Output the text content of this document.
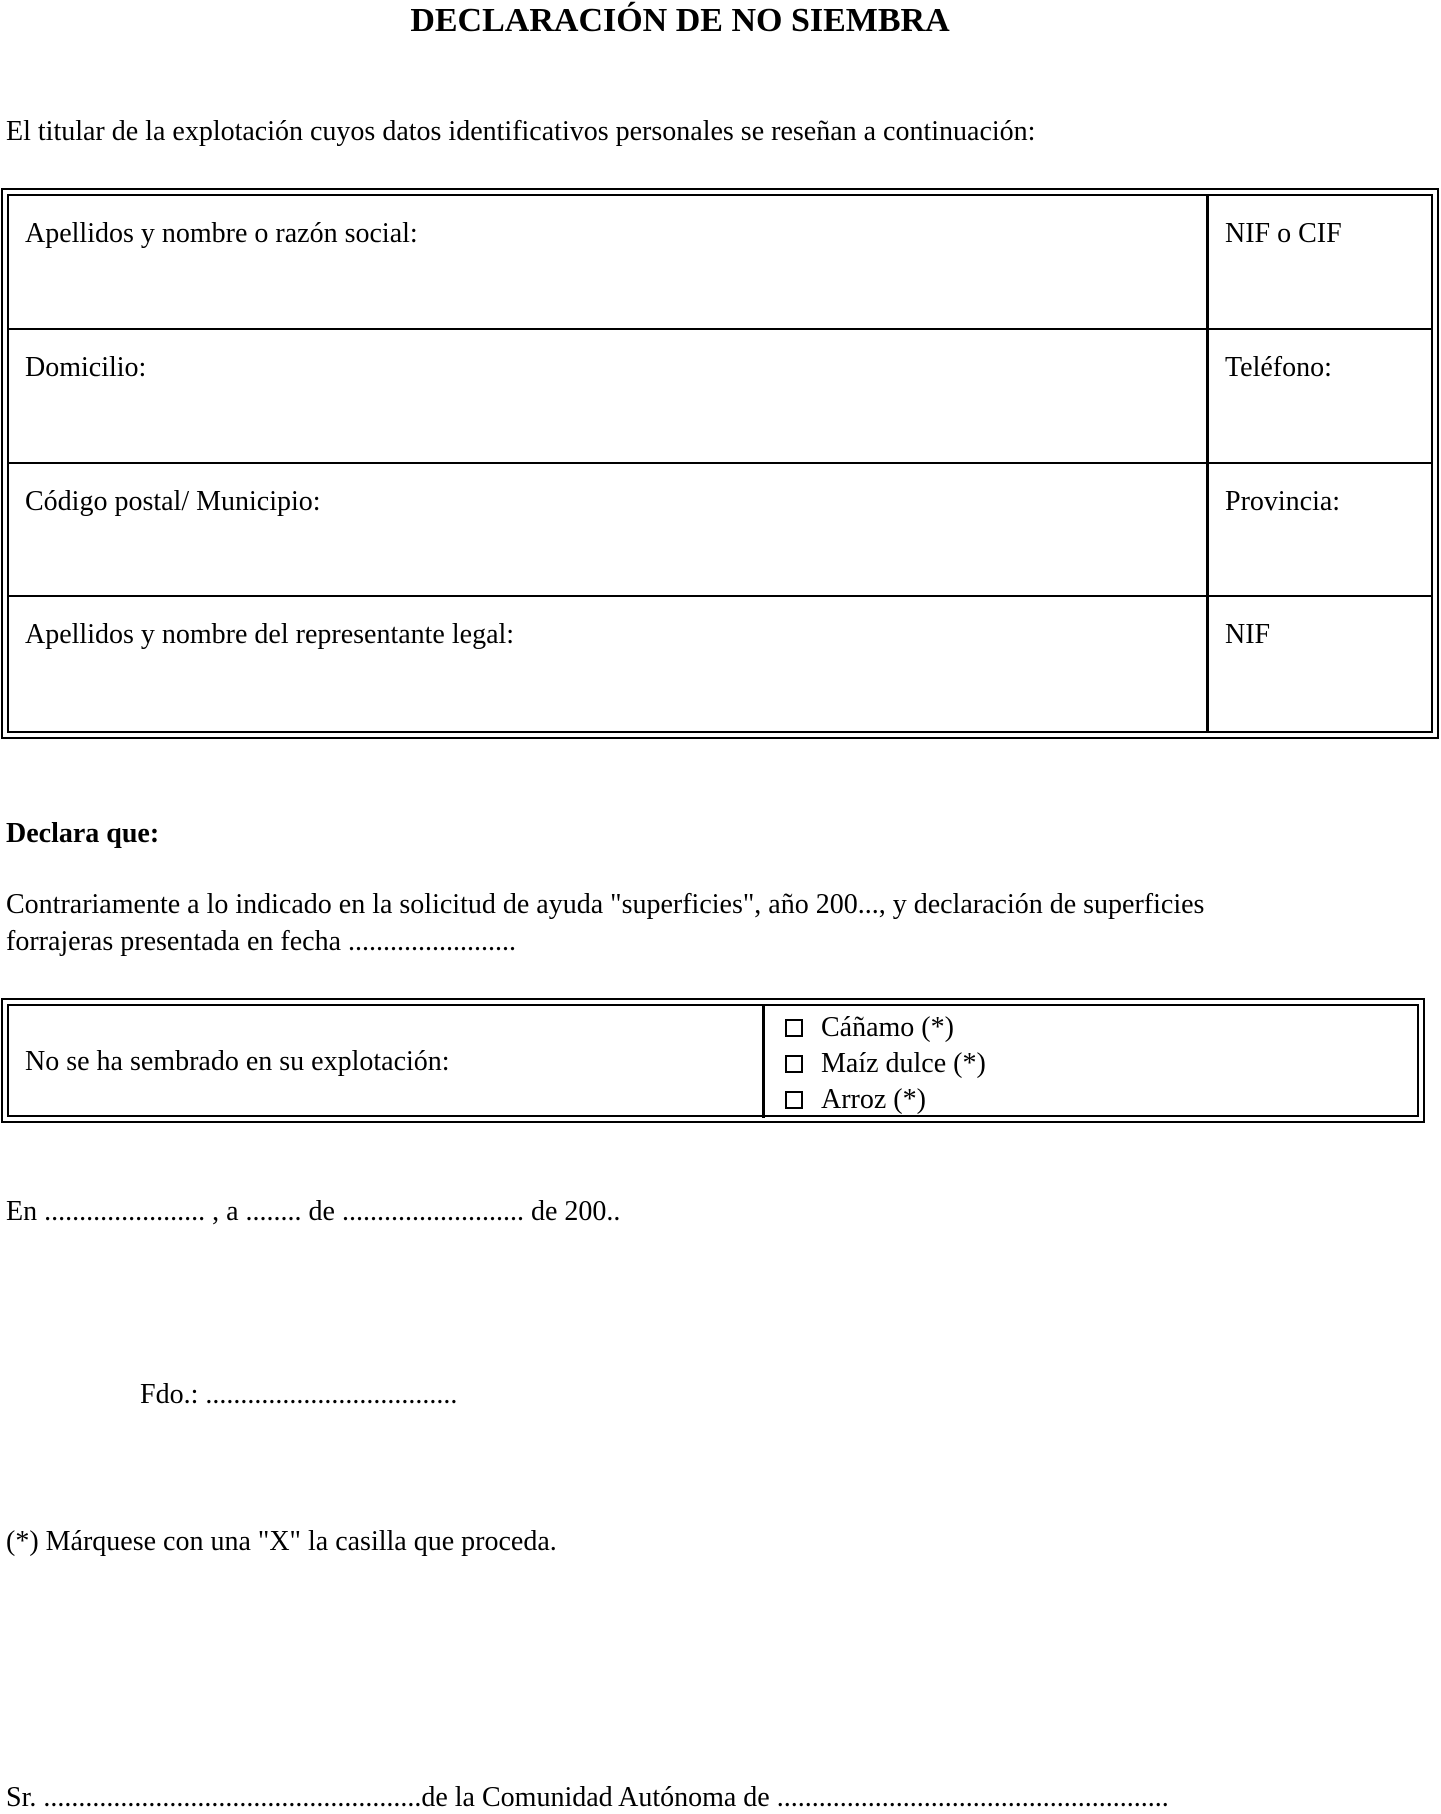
DECLARACIÓN DE NO SIEMBRA
El titular de la explotación cuyos datos identificativos personales se reseñan a continuación:
Apellidos y nombre o razón social:	NIF o CIF
Domicilio:	Teléfono:
Código postal/ Municipio:	Provincia:
Apellidos y nombre del representante legal:	NIF
Declara que:
Contrariamente a lo indicado en la solicitud de ayuda "superficies", año 200..., y declaración de superficies
forrajeras presentada en fecha ........................
No se ha sembrado en su explotación:
Cáñamo (*)
Maíz dulce (*)
Arroz (*)
En ....................... , a ........ de .......................... de 200..
Fdo.: ....................................
(*) Márquese con una "X" la casilla que proceda.
Sr. ......................................................de la Comunidad Autónoma de ........................................................
